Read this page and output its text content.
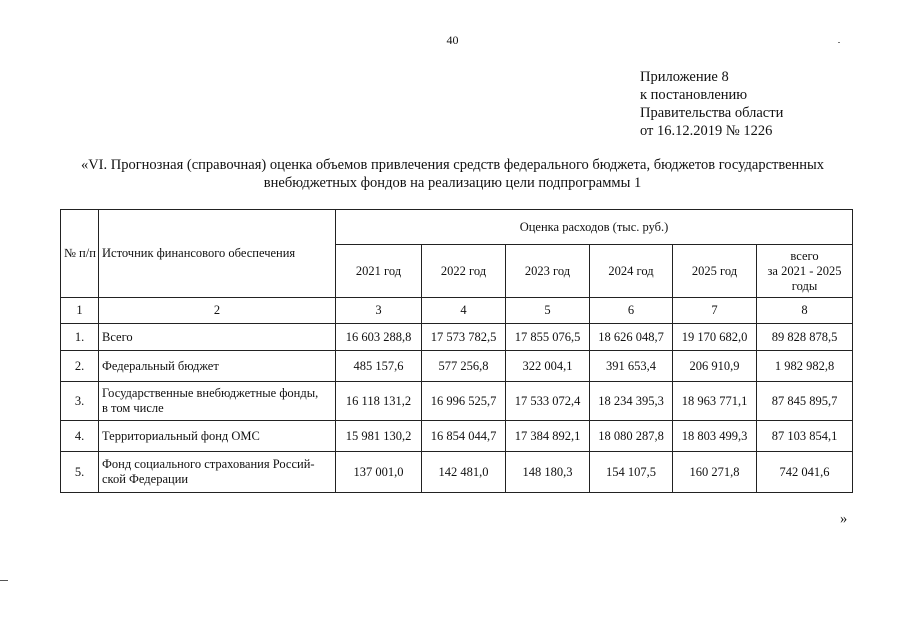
40
Приложение 8
к постановлению
Правительства области
от 16.12.2019 № 1226
«VI. Прогнозная (справочная) оценка объемов привлечения средств федерального бюджета, бюджетов государственных
внебюджетных фондов на реализацию цели подпрограммы 1
№ п/п	Источник финансового обеспечения	Оценка расходов (тыс. руб.)					
		2021 год	2022 год	2023 год	2024 год	2025 год	всего
за 2021 - 2025
годы

1	2	3	4	5	6	7	8
1.	Всего	16 603 288,8	17 573 782,5	17 855 076,5	18 626 048,7	19 170 682,0	89 828 878,5
2.	Федеральный бюджет	485 157,6	577 256,8	322 004,1	391 653,4	206 910,9	1 982 982,8
3.	Государственные внебюджетные фонды,
в том числе	16 118 131,2	16 996 525,7	17 533 072,4	18 234 395,3	18 963 771,1	87 845 895,7
4.	Территориальный фонд ОМС	15 981 130,2	16 854 044,7	17 384 892,1	18 080 287,8	18 803 499,3	87 103 854,1
5.	Фонд социального страхования Россий-
ской Федерации	137 001,0	142 481,0	148 180,3	154 107,5	160 271,8	742 041,6
»
